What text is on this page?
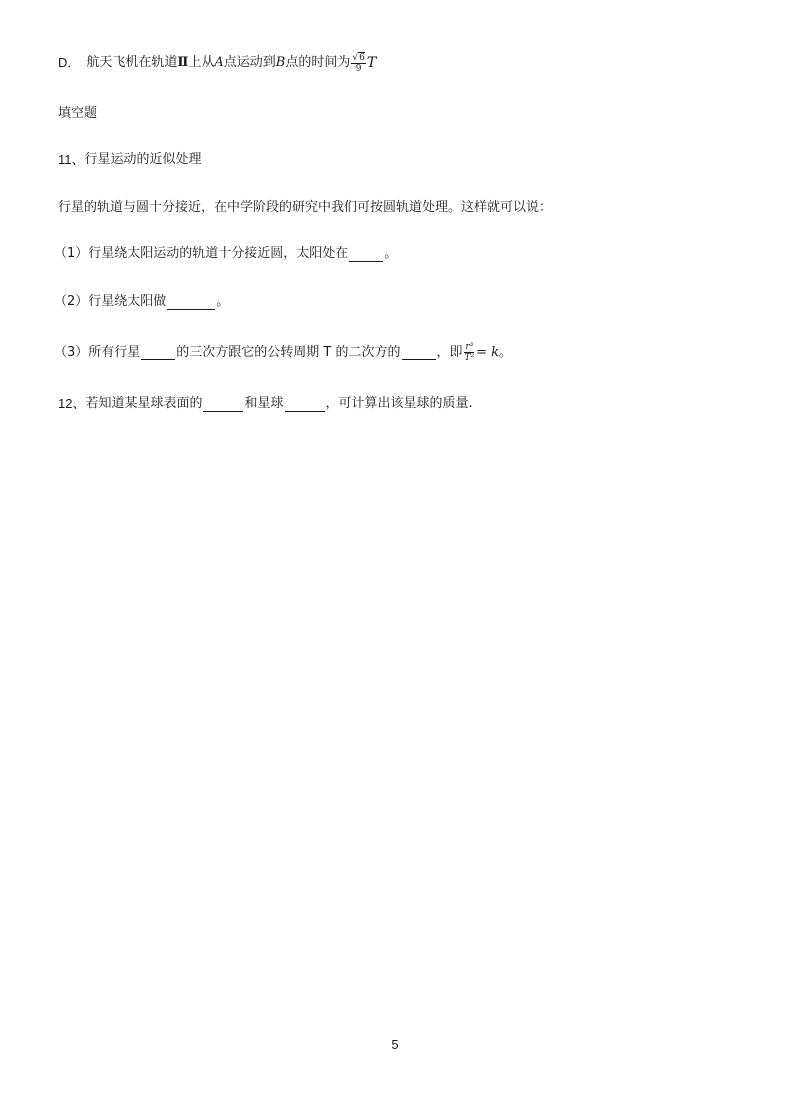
D． 航天飞机在轨道 Ⅱ 上从 A 点运动到 B 点的时间为 $\frac{√6}{9}$ T
填空题
11、 行星运动的近似处理
行星的轨道与圆十分接近，在中学阶段的研究中我们可按圆轨道处理。这样就可以说：
（1）行星绕太阳运动的轨道十分接近圆，太阳处在	。
（2）行星绕太阳做	。
（3）所有行星	的三次方跟它的公转周期 T 的二次方的	，即 $\frac{\text{r³}}{\text{T²}} = k$ 。
12、 若知道某星球表面的	和星球	，可计算出该星球的质量.
5
